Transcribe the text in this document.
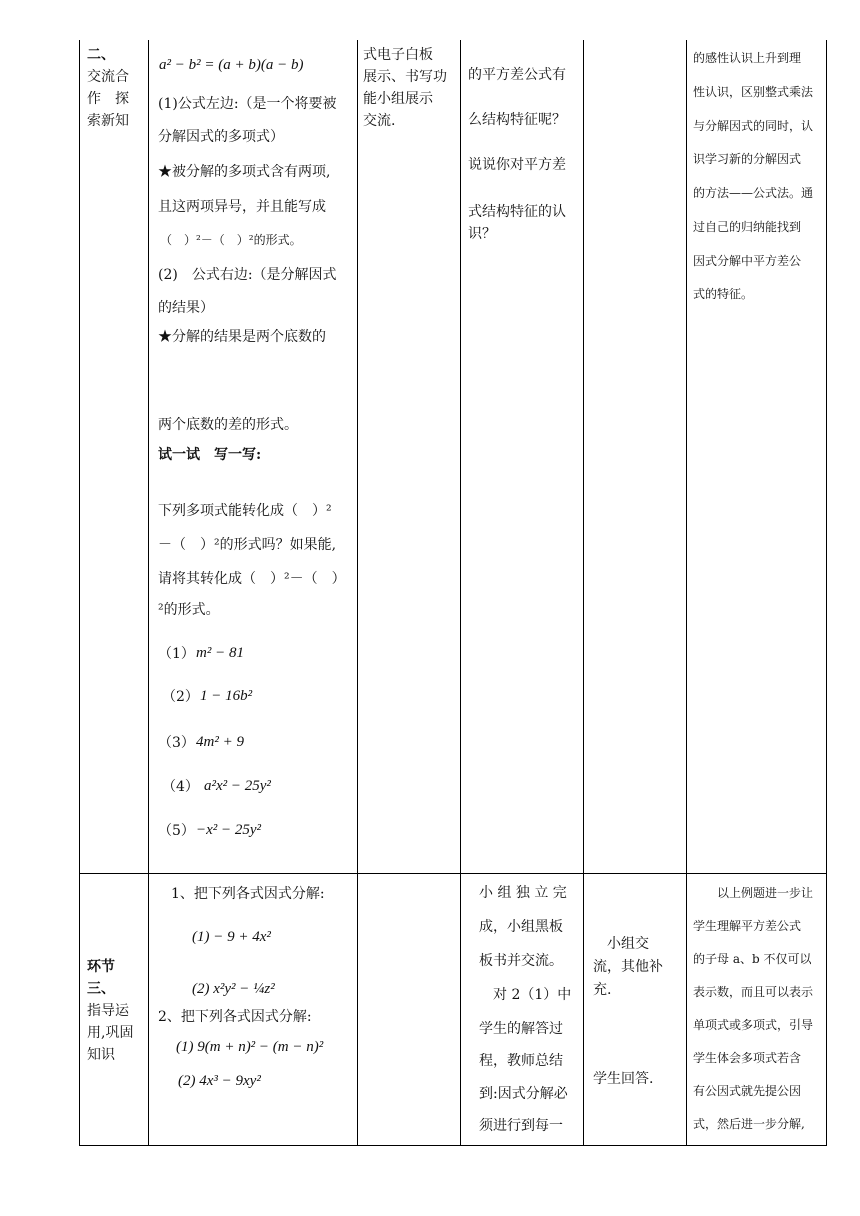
二、
交流合
作　探
索新知
a² − b² = (a + b)(a − b)
(1)公式左边:（是一个将要被
分解因式的多项式）
★被分解的多项式含有两项,
且这两项异号，并且能写成
（　）²－（　）²的形式。
(2)　公式右边:（是分解因式
的结果）
★分解的结果是两个底数的
两个底数的差的形式。
试一试　写一写:
下列多项式能转化成（　）²
－（　）²的形式吗？如果能,
请将其转化成（　）²－（　）
²的形式。
（1） m² − 81
（2） 1 − 16b²
（3） 4m² + 9
（4） a²x² − 25y²
（5） −x² − 25y²
式电子白板
展示、书写功
能小组展示
交流.
的平方差公式有
么结构特征呢？
说说你对平方差
式结构特征的认
识？
的感性认识上升到理
性认识，区别整式乘法
与分解因式的同时，认
识学习新的分解因式
的方法——公式法。通
过自己的归纳能找到
因式分解中平方差公
式的特征。
环节
三、
指导运
用,巩固
知识
1、把下列各式因式分解:
(1) − 9 + 4x²
(2) x²y² − ¼z²
2、把下列各式因式分解:
(1) 9(m + n)² − (m − n)²
(2) 4x³ − 9xy²
小 组 独 立 完
成，小组黑板
板书并交流。
　对 2（1）中
学生的解答过
程，教师总结
到:因式分解必
须进行到每一
　小组交
流，其他补
充.
学生回答.
　　以上例题进一步让
学生理解平方差公式
的子母 a、b 不仅可以
表示数，而且可以表示
单项式或多项式，引导
学生体会多项式若含
有公因式就先提公因
式，然后进一步分解,
